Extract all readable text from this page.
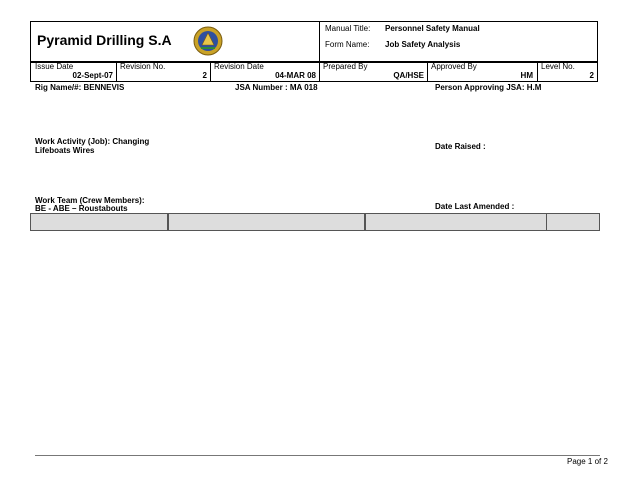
Pyramid Drilling S.A
Manual Title: Personnel Safety Manual
Form Name: Job Safety Analysis
Issue Date
02-Sept-07
Revision No.
2
Revision Date
04-MAR 08
Prepared By
QA/HSE
Approved By
HM
Level No.
2
Rig Name/#: BENNEVIS	JSA Number : MA 018	Person Approving JSA: H.M
Work Activity (Job): Changing
Lifeboats Wires	Date Raised :
Work Team (Crew Members):
BE - ABE – Roustabouts	Date Last Amended :
Page 1 of 2
